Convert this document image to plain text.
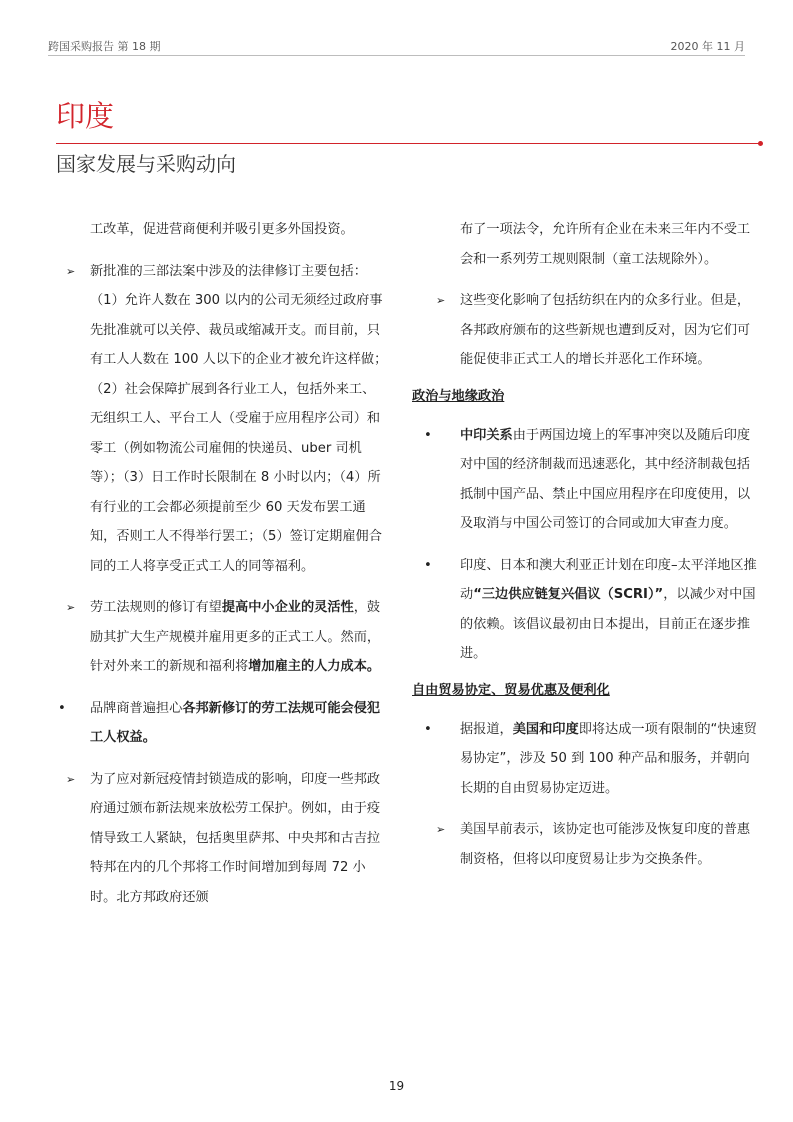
跨国采购报告 第 18 期	2020 年 11 月
印度
国家发展与采购动向
工改革，促进营商便利并吸引更多外国投资。
➢ 新批准的三部法案中涉及的法律修订主要包括：（1）允许人数在 300 以内的公司无须经过政府事先批准就可以关停、裁员或缩减开支。而目前，只有工人人数在 100 人以下的企业才被允许这样做；（2）社会保障扩展到各行业工人，包括外来工、无组织工人、平台工人（受雇于应用程序公司）和零工（例如物流公司雇佣的快递员、uber 司机等）；（3）日工作时长限制在 8 小时以内；（4）所有行业的工会都必须提前至少 60 天发布罢工通知，否则工人不得举行罢工；（5）签订定期雇佣合同的工人将享受正式工人的同等福利。
➢ 劳工法规则的修订有望提高中小企业的灵活性，鼓励其扩大生产规模并雇用更多的正式工人。然而，针对外来工的新规和福利将增加雇主的人力成本。
• 品牌商普遍担心各邦新修订的劳工法规可能会侵犯工人权益。
➢ 为了应对新冠疫情封锁造成的影响，印度一些邦政府通过颁布新法规来放松劳工保护。例如，由于疫情导致工人紧缺，包括奥里萨邦、中央邦和古吉拉特邦在内的几个邦将工作时间增加到每周 72 小时。北方邦政府还颁
布了一项法令，允许所有企业在未来三年内不受工会和一系列劳工规则限制（童工法规除外）。
➢ 这些变化影响了包括纺织在内的众多行业。但是，各邦政府颁布的这些新规也遭到反对，因为它们可能促使非正式工人的增长并恶化工作环境。
政治与地缘政治
• 中印关系由于两国边境上的军事冲突以及随后印度对中国的经济制裁而迅速恶化，其中经济制裁包括抵制中国产品、禁止中国应用程序在印度使用，以及取消与中国公司签订的合同或加大审查力度。
• 印度、日本和澳大利亚正计划在印度–太平洋地区推动“三边供应链复兴倡议（SCRI）”，以减少对中国的依赖。该倡议最初由日本提出，目前正在逐步推进。
自由贸易协定、贸易优惠及便利化
• 据报道，美国和印度即将达成一项有限制的“快速贸易协定”，涉及 50 到 100 种产品和服务，并朝向长期的自由贸易协定迈进。
➢ 美国早前表示，该协定也可能涉及恢复印度的普惠制资格，但将以印度贸易让步为交换条件。
19
